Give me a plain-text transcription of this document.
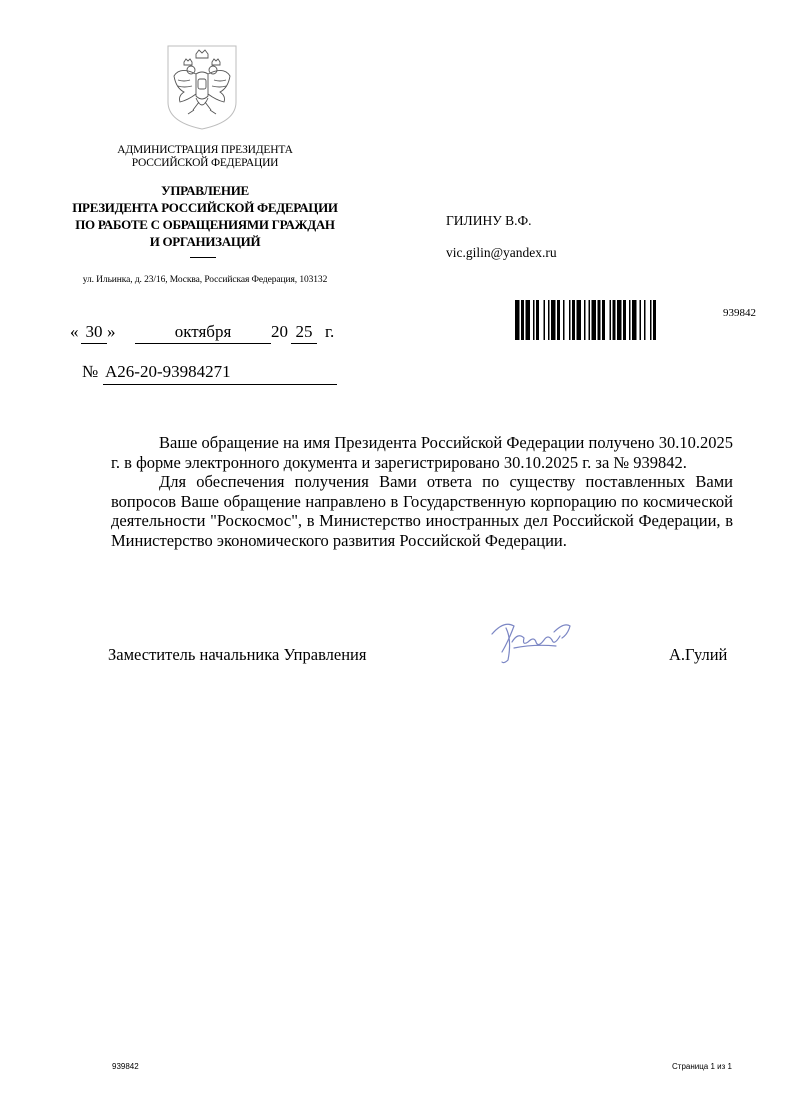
АДМИНИСТРАЦИЯ ПРЕЗИДЕНТА
РОССИЙСКОЙ ФЕДЕРАЦИИ
УПРАВЛЕНИЕ
ПРЕЗИДЕНТА РОССИЙСКОЙ ФЕДЕРАЦИИ
ПО РАБОТЕ С ОБРАЩЕНИЯМИ ГРАЖДАН
И ОРГАНИЗАЦИЙ
ул. Ильинка, д. 23/16, Москва, Российская Федерация, 103132
ГИЛИНУ В.Ф.
vic.gilin@yandex.ru
939842
« 30 »	октября	20 25 г.
№ А26-20-93984271

Ваше обращение на имя Президента Российской Федерации получено 30.10.2025 г. в форме электронного документа и зарегистрировано 30.10.2025 г. за № 939842.

Для обеспечения получения Вами ответа по существу поставленных Вами вопросов Ваше обращение направлено в Государственную корпорацию по космической деятельности "Роскосмос", в Министерство иностранных дел Российской Федерации, в Министерство экономического развития Российской Федерации.

Заместитель начальника Управления	А.Гулий
939842	Страница 1 из 1
